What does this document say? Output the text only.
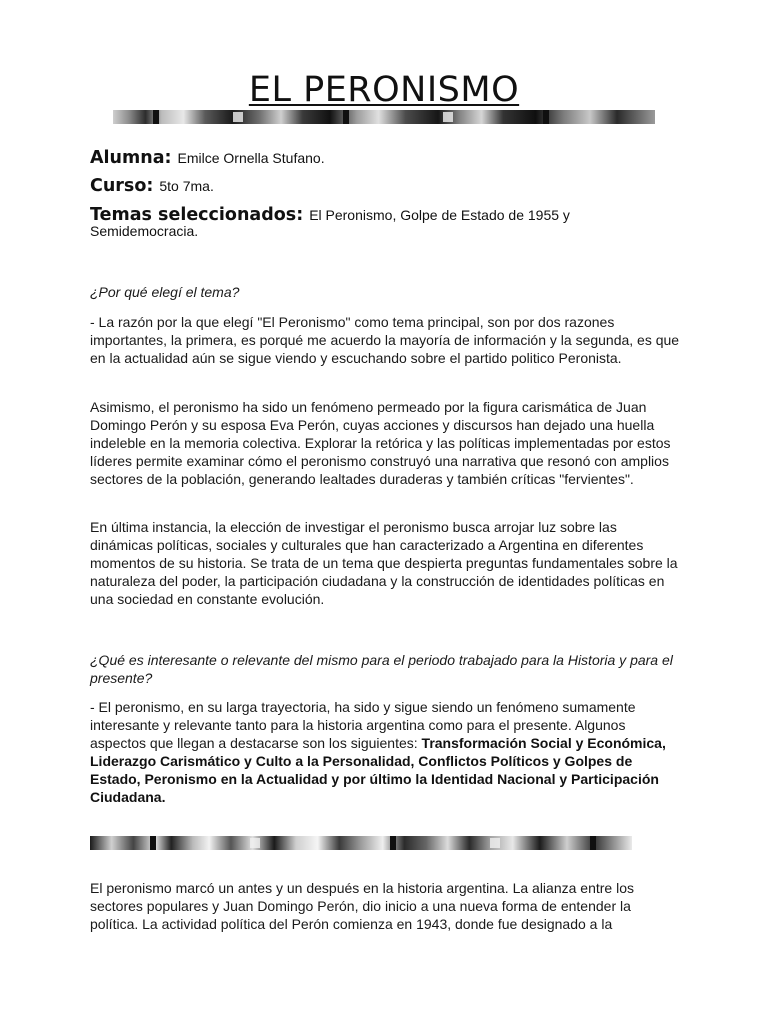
EL PERONISMO
Alumna: Emilce Ornella Stufano.
Curso: 5to 7ma.
Temas seleccionados: El Peronismo, Golpe de Estado de 1955 y Semidemocracia.

¿Por qué elegí el tema?

- La razón por la que elegí "El Peronismo" como tema principal, son por dos razones importantes, la primera, es porqué me acuerdo la mayoría de información y la segunda, es que en la actualidad aún se sigue viendo y escuchando sobre el partido politico Peronista.

Asimismo, el peronismo ha sido un fenómeno permeado por la figura carismática de Juan Domingo Perón y su esposa Eva Perón, cuyas acciones y discursos han dejado una huella indeleble en la memoria colectiva. Explorar la retórica y las políticas implementadas por estos líderes permite examinar cómo el peronismo construyó una narrativa que resonó con amplios sectores de la población, generando lealtades duraderas y también críticas "fervientes".

En última instancia, la elección de investigar el peronismo busca arrojar luz sobre las dinámicas políticas, sociales y culturales que han caracterizado a Argentina en diferentes momentos de su historia. Se trata de un tema que despierta preguntas fundamentales sobre la naturaleza del poder, la participación ciudadana y la construcción de identidades políticas en una sociedad en constante evolución.

¿Qué es interesante o relevante del mismo para el periodo trabajado para la Historia y para el presente?

- El peronismo, en su larga trayectoria, ha sido y sigue siendo un fenómeno sumamente interesante y relevante tanto para la historia argentina como para el presente. Algunos aspectos que llegan a destacarse son los siguientes: Transformación Social y Económica, Liderazgo Carismático y Culto a la Personalidad, Conflictos Políticos y Golpes de Estado, Peronismo en la Actualidad y por último la Identidad Nacional y Participación Ciudadana.

El peronismo marcó un antes y un después en la historia argentina. La alianza entre los sectores populares y Juan Domingo Perón, dio inicio a una nueva forma de entender la política. La actividad política del Perón comienza en 1943, donde fue designado a la
